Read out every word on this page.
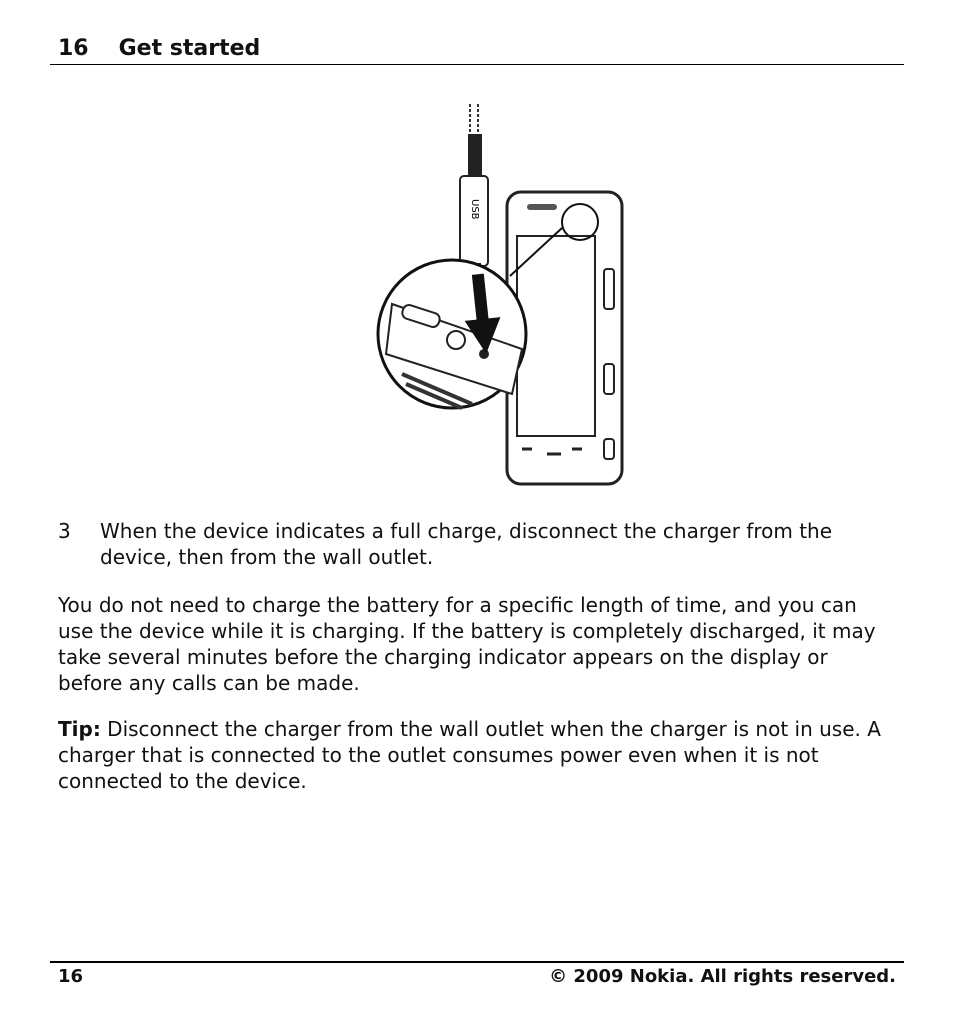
16 Get started
USB
3	When the device indicates a full charge, disconnect the charger from the device, then from the wall outlet.
You do not need to charge the battery for a specific length of time, and you can use the device while it is charging. If the battery is completely discharged, it may take several minutes before the charging indicator appears on the display or before any calls can be made.
Tip: Disconnect the charger from the wall outlet when the charger is not in use. A charger that is connected to the outlet consumes power even when it is not connected to the device.
16	© 2009 Nokia. All rights reserved.
